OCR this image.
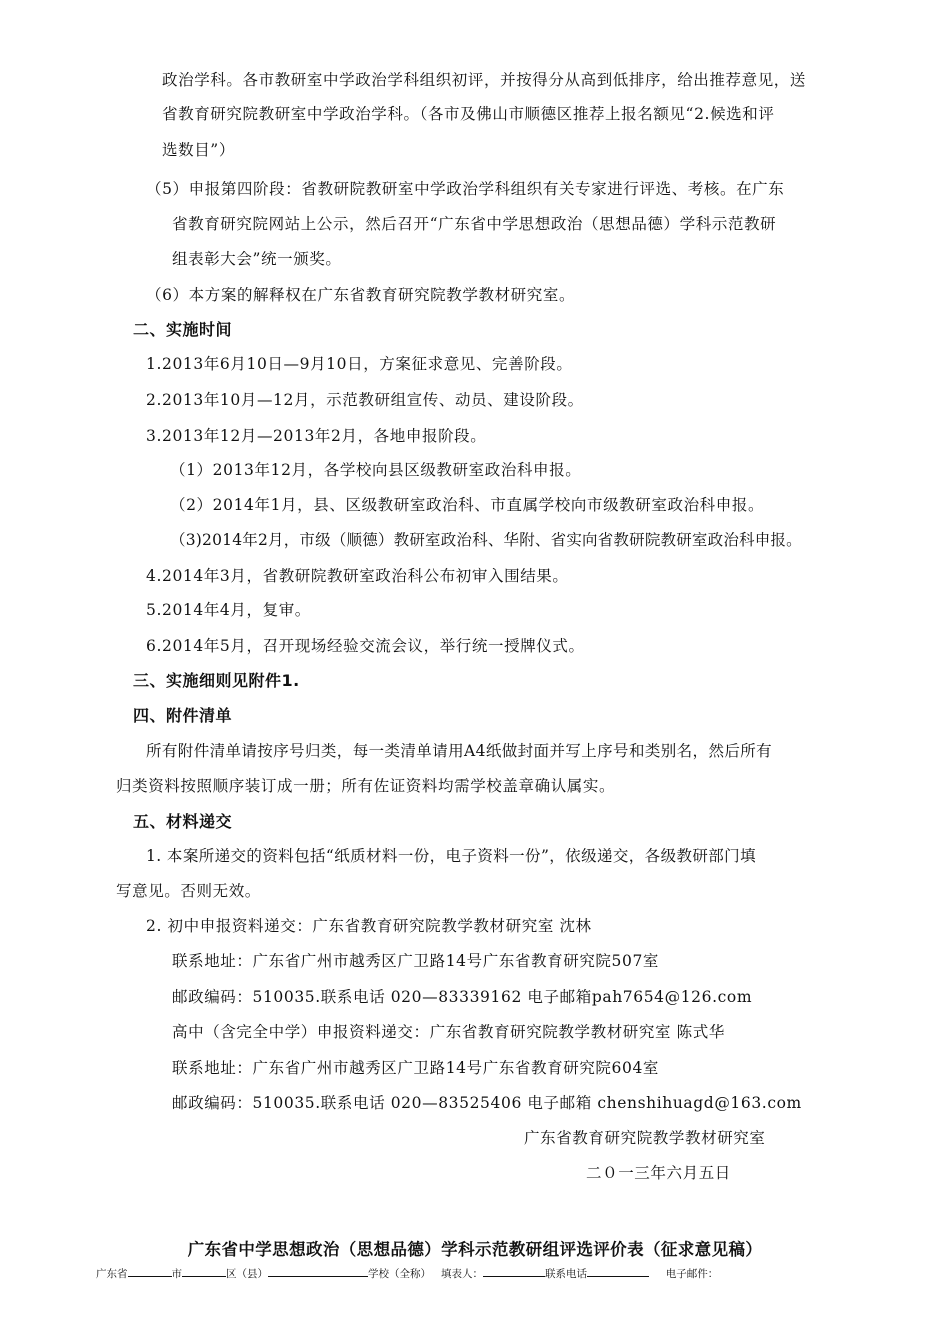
政治学科。各市教研室中学政治学科组织初评，并按得分从高到低排序，给出推荐意见，送
省教育研究院教研室中学政治学科。（各市及佛山市顺德区推荐上报名额见“2.候选和评
选数目”）
（5）申报第四阶段：省教研院教研室中学政治学科组织有关专家进行评选、考核。在广东
省教育研究院网站上公示，然后召开“广东省中学思想政治（思想品德）学科示范教研
组表彰大会”统一颁奖。
（6）本方案的解释权在广东省教育研究院教学教材研究室。
二、实施时间
1.2013年6月10日—9月10日，方案征求意见、完善阶段。
2.2013年10月—12月，示范教研组宣传、动员、建设阶段。
3.2013年12月—2013年2月，各地申报阶段。
（1）2013年12月，各学校向县区级教研室政治科申报。
（2）2014年1月，县、区级教研室政治科、市直属学校向市级教研室政治科申报。
（3)2014年2月，市级（顺德）教研室政治科、华附、省实向省教研院教研室政治科申报。
4.2014年3月，省教研院教研室政治科公布初审入围结果。
5.2014年4月，复审。
6.2014年5月，召开现场经验交流会议，举行统一授牌仪式。
三、实施细则见附件1.
四、附件清单
所有附件清单请按序号归类，每一类清单请用A4纸做封面并写上序号和类别名，然后所有
归类资料按照顺序装订成一册；所有佐证资料均需学校盖章确认属实。
五、材料递交
1. 本案所递交的资料包括“纸质材料一份，电子资料一份”，依级递交，各级教研部门填
写意见。否则无效。
2. 初中申报资料递交：广东省教育研究院教学教材研究室 沈林
联系地址：广东省广州市越秀区广卫路14号广东省教育研究院507室
邮政编码：510035.联系电话 020—83339162 电子邮箱pah7654@126.com
高中（含完全中学）申报资料递交：广东省教育研究院教学教材研究室 陈式华
联系地址：广东省广州市越秀区广卫路14号广东省教育研究院604室
邮政编码：510035.联系电话 020—83525406 电子邮箱 chenshihuagd@163.com
广东省教育研究院教学教材研究室
二０一三年六月五日
广东省中学思想政治（思想品德）学科示范教研组评选评价表（征求意见稿）
广东省	市	区（县）	学校（全称） 填表人：	联系电话	电子邮件：
